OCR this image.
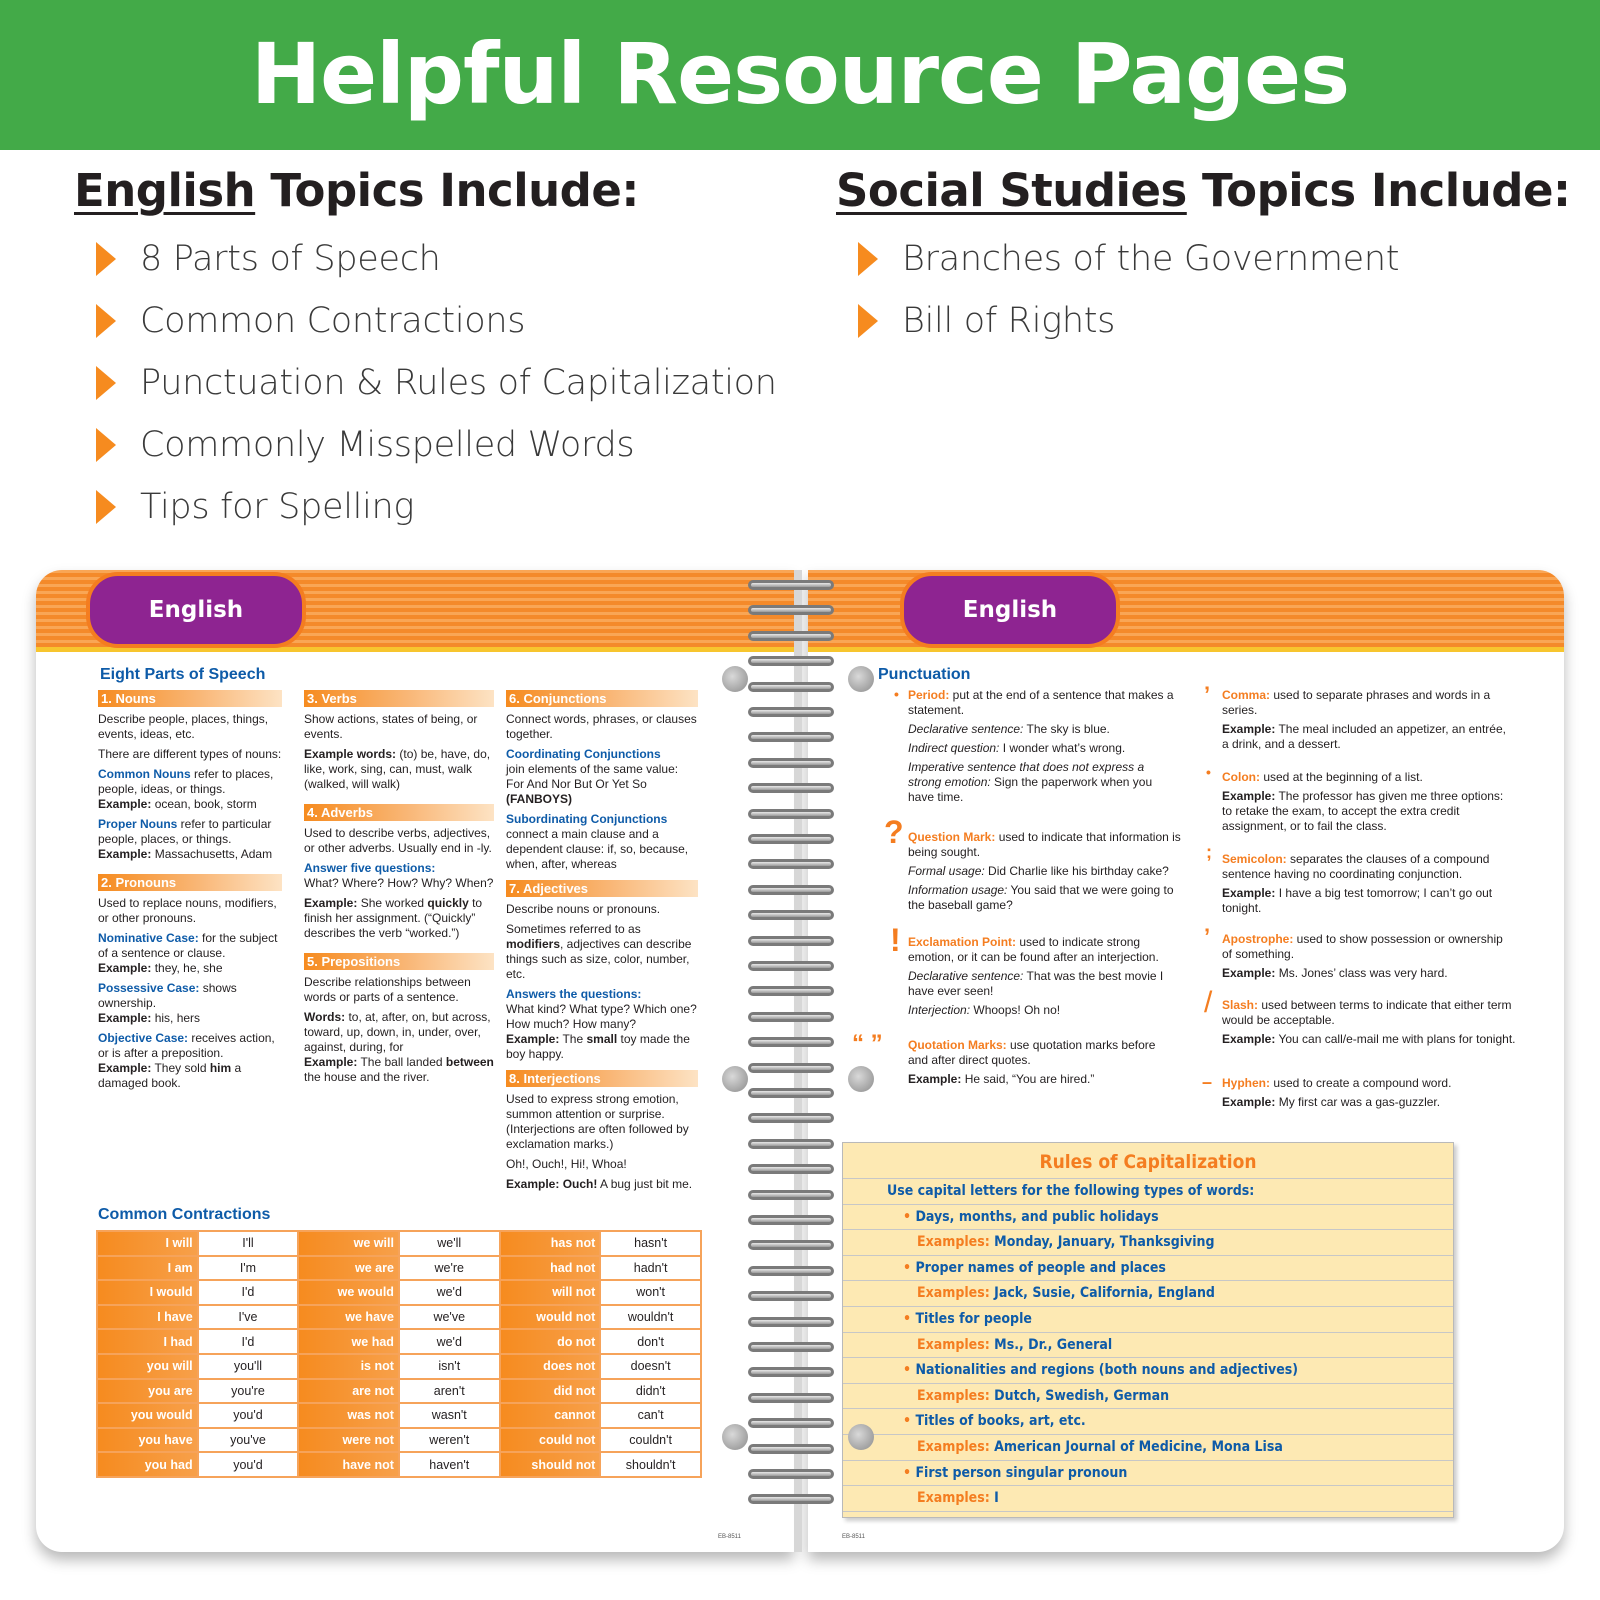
Helpful Resource Pages
English Topics Include:
8 Parts of Speech
Common Contractions
Punctuation & Rules of Capitalization
Commonly Misspelled Words
Tips for Spelling
Social Studies Topics Include:
Branches of the Government
Bill of Rights
English
Eight Parts of Speech
1. Nouns

Describe people, places, things, events, ideas, etc.

There are different types of nouns:

Common Nouns refer to places, people, ideas, or things.
Example: ocean, book, storm

Proper Nouns refer to particular people, places, or things.
Example: Massachusetts, Adam

2. Pronouns

Used to replace nouns, modifiers, or other pronouns.

Nominative Case: for the subject of a sentence or clause.
Example: they, he, she

Possessive Case: shows ownership.
Example: his, hers

Objective Case: receives action, or is after a preposition.
Example: They sold him a damaged book.

3. Verbs

Show actions, states of being, or events.

Example words: (to) be, have, do, like, work, sing, can, must, walk (walked, will walk)

4. Adverbs

Used to describe verbs, adjectives, or other adverbs. Usually end in -ly.

Answer five questions:
What? Where? How? Why? When?

Example: She worked quickly to finish her assignment. (“Quickly” describes the verb “worked.”)

5. Prepositions

Describe relationships between words or parts of a sentence.

Words: to, at, after, on, but across, toward, up, down, in, under, over, against, during, for
Example: The ball landed between the house and the river.

6. Conjunctions

Connect words, phrases, or clauses together.

Coordinating Conjunctions
join elements of the same value:
For And Nor But Or Yet So
(FANBOYS)

Subordinating Conjunctions
connect a main clause and a dependent clause: if, so, because, when, after, whereas

7. Adjectives

Describe nouns or pronouns.

Sometimes referred to as modifiers, adjectives can describe things such as size, color, number, etc.

Answers the questions:
What kind? What type? Which one? How much? How many?
Example: The small toy made the boy happy.

8. Interjections

Used to express strong emotion, summon attention or surprise. (Interjections are often followed by exclamation marks.)

Oh!, Ouch!, Hi!, Whoa!

Example: Ouch! A bug just bit me.

Common Contractions
I will	I'll	we will	we'll	has not	hasn't
I am	I'm	we are	we're	had not	hadn't
I would	I'd	we would	we'd	will not	won't
I have	I've	we have	we've	would not	wouldn't
I had	I'd	we had	we'd	do not	don't
you will	you'll	is not	isn't	does not	doesn't
you are	you're	are not	aren't	did not	didn't
you would	you'd	was not	wasn't	cannot	can't
you have	you've	were not	weren't	could not	couldn't
you had	you'd	have not	haven't	should not	shouldn't
EB-8511
English
Punctuation
• Period: put at the end of a sentence that makes a statement.

Declarative sentence: The sky is blue.

Indirect question: I wonder what’s wrong.

Imperative sentence that does not express a strong emotion: Sign the paperwork when you have time.

? Question Mark: used to indicate that information is being sought.

Formal usage: Did Charlie like his birthday cake?

Information usage: You said that we were going to the baseball game?

! Exclamation Point: used to indicate strong emotion, or it can be found after an interjection.

Declarative sentence: That was the best movie I have ever seen!

Interjection: Whoops! Oh no!

“ ” Quotation Marks: use quotation marks before and after direct quotes.

Example: He said, “You are hired.”

’ Comma: used to separate phrases and words in a series.

Example: The meal included an appetizer, an entrée, a drink, and a dessert.

• Colon: used at the beginning of a list.

Example: The professor has given me three options: to retake the exam, to accept the extra credit assignment, or to fail the class.

; Semicolon: separates the clauses of a compound sentence having no coordinating conjunction.

Example: I have a big test tomorrow; I can’t go out tonight.

’ Apostrophe: used to show possession or ownership of something.

Example: Ms. Jones’ class was very hard.

/ Slash: used between terms to indicate that either term would be acceptable.

Example: You can call/e-mail me with plans for tonight.

– Hyphen: used to create a compound word.

Example: My first car was a gas-guzzler.

EB-8511
Rules of Capitalization
Use capital letters for the following types of words:
• Days, months, and public holidays
Examples: Monday, January, Thanksgiving
• Proper names of people and places
Examples: Jack, Susie, California, England
• Titles for people
Examples: Ms., Dr., General
• Nationalities and regions (both nouns and adjectives)
Examples: Dutch, Swedish, German
• Titles of books, art, etc.
Examples: American Journal of Medicine, Mona Lisa
• First person singular pronoun
Examples: I
